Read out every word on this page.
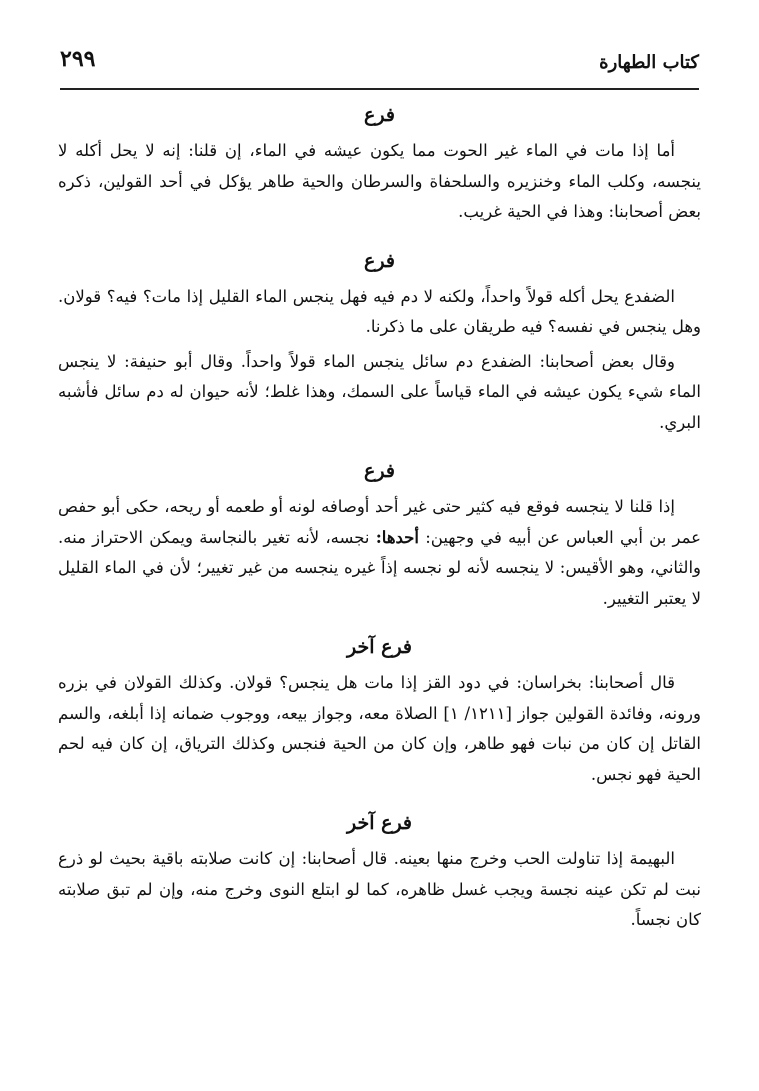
كتاب الطهارة
٢٩٩
فرع

أما إذا مات في الماء غير الحوت مما يكون عيشه في الماء، إن قلنا: إنه لا يحل أكله لا ينجسه، وكلب الماء وخنزيره والسلحفاة والسرطان والحية طاهر يؤكل في أحد القولين، ذكره بعض أصحابنا: وهذا في الحية غريب.

فرع

الضفدع يحل أكله قولاً واحداً، ولكنه لا دم فيه فهل ينجس الماء القليل إذا مات؟ فيه؟ قولان. وهل ينجس في نفسه؟ فيه طريقان على ما ذكرنا.

وقال بعض أصحابنا: الضفدع دم سائل ينجس الماء قولاً واحداً. وقال أبو حنيفة: لا ينجس الماء شيء يكون عيشه في الماء قياساً على السمك، وهذا غلط؛ لأنه حيوان له دم سائل فأشبه البري.

فرع

إذا قلنا لا ينجسه فوقع فيه كثير حتى غير أحد أوصافه لونه أو طعمه أو ريحه، حكى أبو حفص عمر بن أبي العباس عن أبيه في وجهين: أحدها: نجسه، لأنه تغير بالنجاسة ويمكن الاحتراز منه. والثاني، وهو الأقيس: لا ينجسه لأنه لو نجسه إذاً غيره ينجسه من غير تغيير؛ لأن في الماء القليل لا يعتبر التغيير.

فرع آخر

قال أصحابنا: بخراسان: في دود القز إذا مات هل ينجس؟ قولان. وكذلك القولان في بزره ورونه، وفائدة القولين جواز [١٢١١/ ١] الصلاة معه، وجواز بيعه، ووجوب ضمانه إذا أبلغه، والسم القاتل إن كان من نبات فهو طاهر، وإن كان من الحية فنجس وكذلك الترياق، إن كان فيه لحم الحية فهو نجس.

فرع آخر

البهيمة إذا تناولت الحب وخرج منها بعينه. قال أصحابنا: إن كانت صلابته باقية بحيث لو ذرع نبت لم تكن عينه نجسة ويجب غسل ظاهره، كما لو ابتلع النوى وخرج منه، وإن لم تبق صلابته كان نجساً.
